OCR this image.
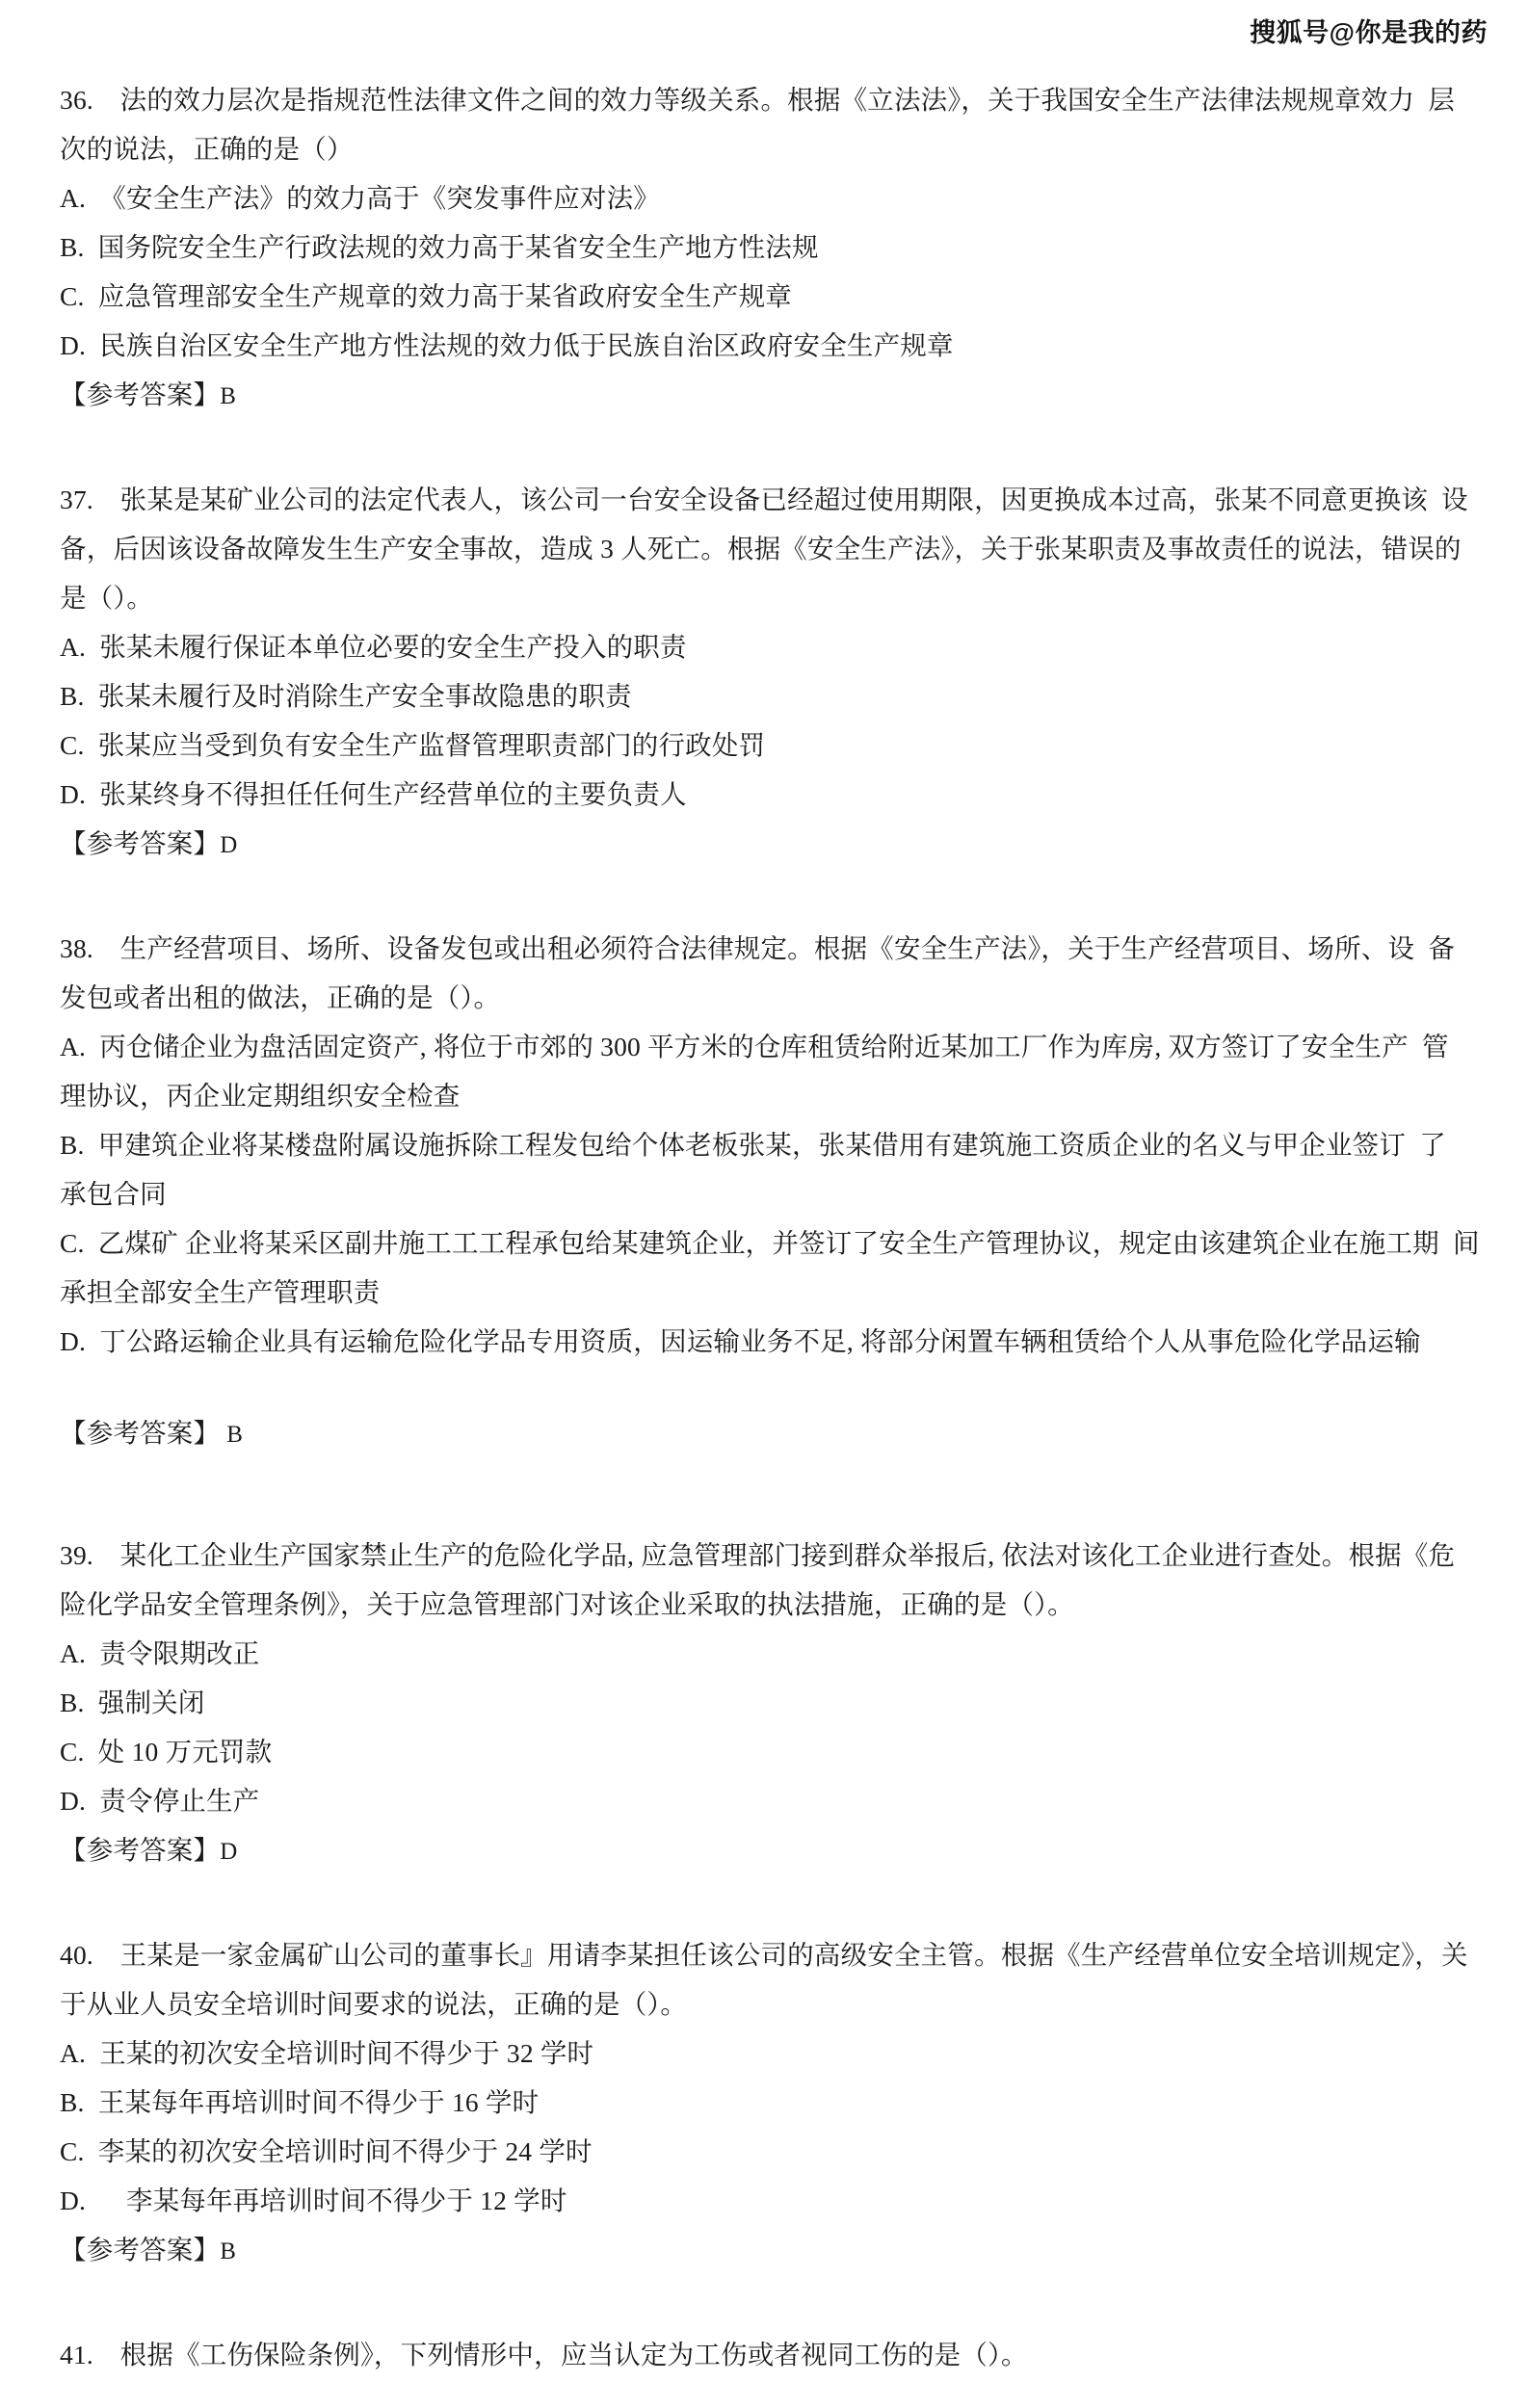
搜狐号@你是我的药
36.　法的效力层次是指规范性法律文件之间的效力等级关系。根据《立法法》，关于我国安全生产法律法规规章效力  层
次的说法，正确的是（）
A. 《安全生产法》的效力高于《突发事件应对法》
B. 国务院安全生产行政法规的效力高于某省安全生产地方性法规
C. 应急管理部安全生产规章的效力高于某省政府安全生产规章
D. 民族自治区安全生产地方性法规的效力低于民族自治区政府安全生产规章
【参考答案】B
37.　张某是某矿业公司的法定代表人，该公司一台安全设备已经超过使用期限，因更换成本过高，张某不同意更换该  设
备，后因该设备故障发生生产安全事故，造成 3 人死亡。根据《安全生产法》，关于张某职责及事故责任的说法，错误的
是（）。
A. 张某未履行保证本单位必要的安全生产投入的职责
B. 张某未履行及时消除生产安全事故隐患的职责
C. 张某应当受到负有安全生产监督管理职责部门的行政处罚
D. 张某终身不得担任任何生产经营单位的主要负责人
【参考答案】D
38.　生产经营项目、场所、设备发包或出租必须符合法律规定。根据《安全生产法》，关于生产经营项目、场所、设  备
发包或者出租的做法，正确的是（）。
A. 丙仓储企业为盘活固定资产, 将位于市郊的 300 平方米的仓库租赁给附近某加工厂作为库房, 双方签订了安全生产  管
理协议，丙企业定期组织安全检查
B. 甲建筑企业将某楼盘附属设施拆除工程发包给个体老板张某，张某借用有建筑施工资质企业的名义与甲企业签订  了
承包合同
C. 乙煤矿 企业将某采区副井施工工工程承包给某建筑企业，并签订了安全生产管理协议，规定由该建筑企业在施工期  间
承担全部安全生产管理职责
D. 丁公路运输企业具有运输危险化学品专用资质，因运输业务不足, 将部分闲置车辆租赁给个人从事危险化学品运输
【参考答案】 B
39.　某化工企业生产国家禁止生产的危险化学品, 应急管理部门接到群众举报后, 依法对该化工企业进行查处。根据《危
险化学品安全管理条例》，关于应急管理部门对该企业采取的执法措施，正确的是（）。
A. 责令限期改正
B. 强制关闭
C. 处 10 万元罚款
D. 责令停止生产
【参考答案】D
40.　王某是一家金属矿山公司的董事长』用请李某担任该公司的高级安全主管。根据《生产经营单位安全培训规定》，关
于从业人员安全培训时间要求的说法，正确的是（）。
A. 王某的初次安全培训时间不得少于 32 学时
B. 王某每年再培训时间不得少于 16 学时
C. 李某的初次安全培训时间不得少于 24 学时
D.  　李某每年再培训时间不得少于 12 学时
【参考答案】B
41.　根据《工伤保险条例》，下列情形中，应当认定为工伤或者视同工伤的是（）。
